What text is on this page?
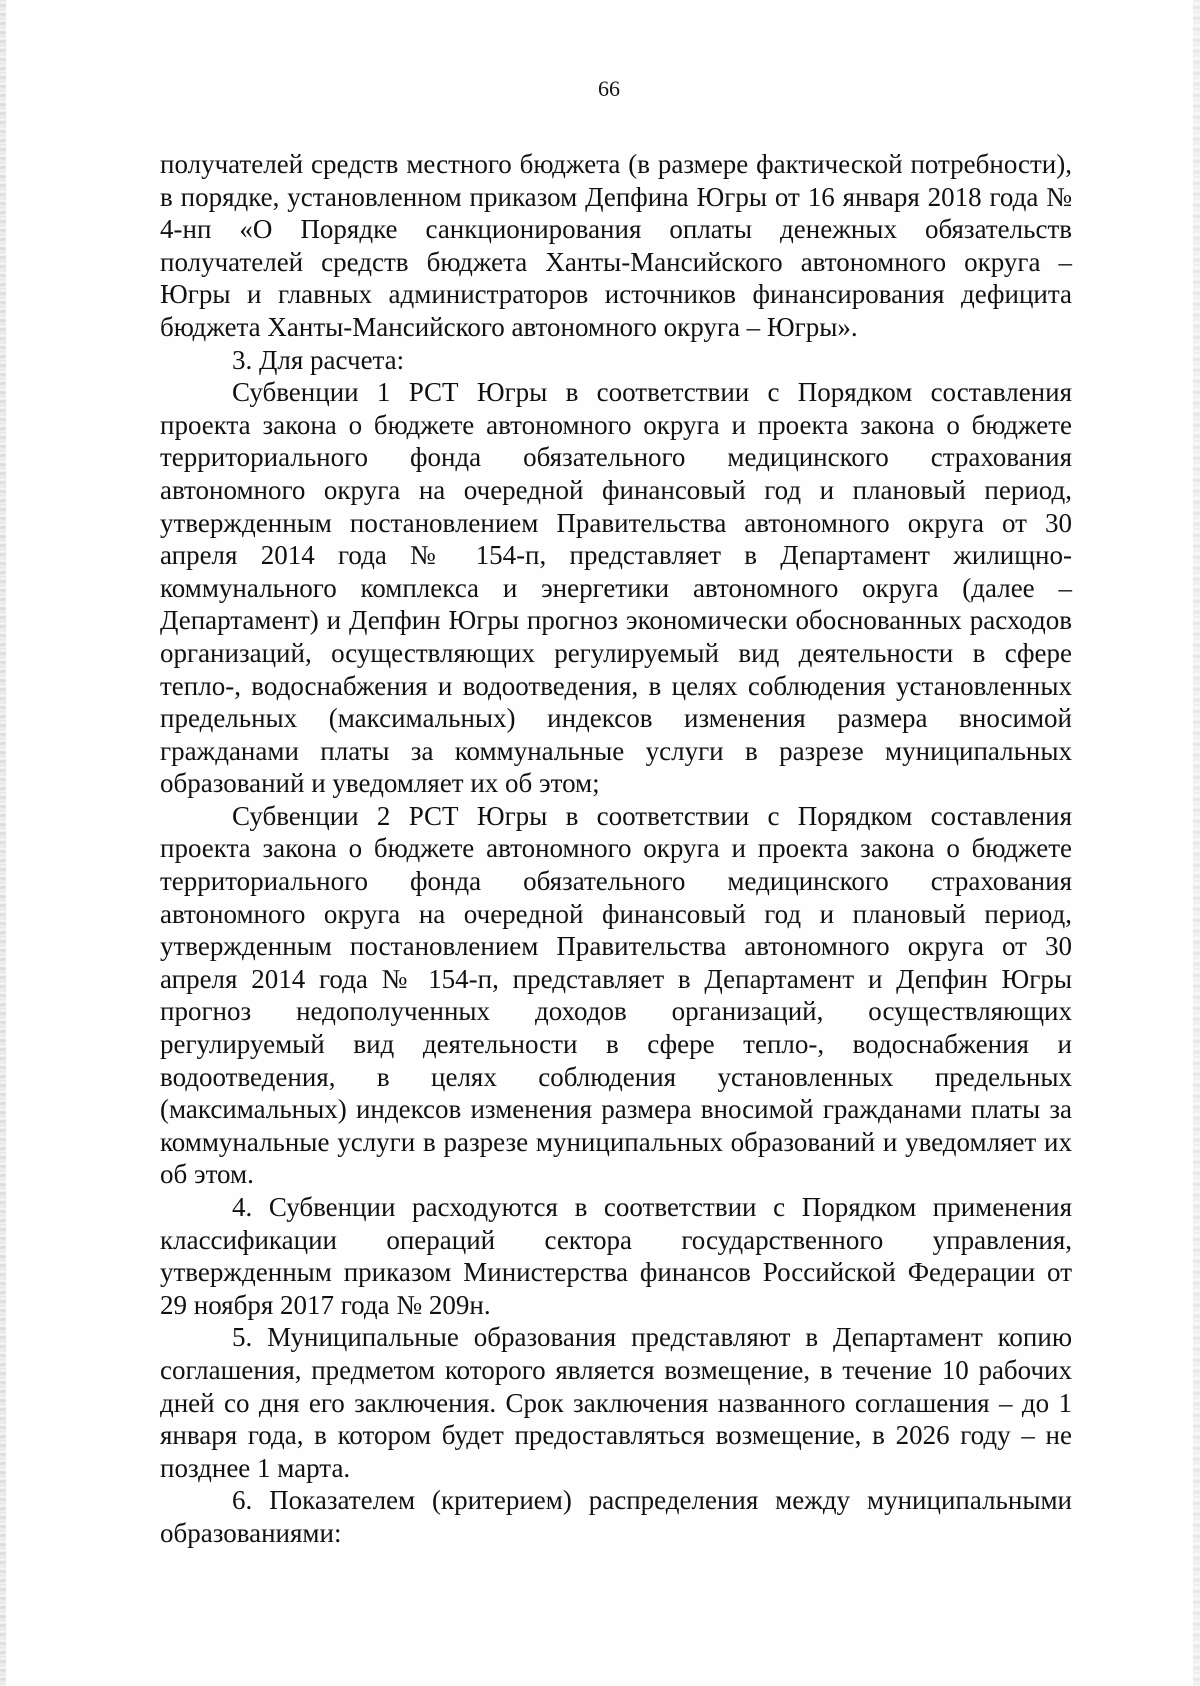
66

получателей средств местного бюджета (в размере фактической потребности), в порядке, установленном приказом Депфина Югры от 16 января 2018 года № 4-нп «О Порядке санкционирования оплаты денежных обязательств получателей средств бюджета Ханты-Мансийского автономного округа – Югры и главных администраторов источников финансирования дефицита бюджета Ханты-Мансийского автономного округа – Югры».

3. Для расчета:

Субвенции 1 РСТ Югры в соответствии с Порядком составления проекта закона о бюджете автономного округа и проекта закона о бюджете территориального фонда обязательного медицинского страхования автономного округа на очередной финансовый год и плановый период, утвержденным постановлением Правительства автономного округа от 30 апреля 2014 года № 154-п, представляет в Департамент жилищно-коммунального комплекса и энергетики автономного округа (далее – Департамент) и Депфин Югры прогноз экономически обоснованных расходов организаций, осуществляющих регулируемый вид деятельности в сфере тепло-, водоснабжения и водоотведения, в целях соблюдения установленных предельных (максимальных) индексов изменения размера вносимой гражданами платы за коммунальные услуги в разрезе муниципальных образований и уведомляет их об этом;

Субвенции 2 РСТ Югры в соответствии с Порядком составления проекта закона о бюджете автономного округа и проекта закона о бюджете территориального фонда обязательного медицинского страхования автономного округа на очередной финансовый год и плановый период, утвержденным постановлением Правительства автономного округа от 30 апреля 2014 года № 154-п, представляет в Департамент и Депфин Югры прогноз недополученных доходов организаций, осуществляющих регулируемый вид деятельности в сфере тепло-, водоснабжения и водоотведения, в целях соблюдения установленных предельных (максимальных) индексов изменения размера вносимой гражданами платы за коммунальные услуги в разрезе муниципальных образований и уведомляет их об этом.

4. Субвенции расходуются в соответствии с Порядком применения классификации операций сектора государственного управления, утвержденным приказом Министерства финансов Российской Федерации от 29 ноября 2017 года № 209н.

5. Муниципальные образования представляют в Департамент копию соглашения, предметом которого является возмещение, в течение 10 рабочих дней со дня его заключения. Срок заключения названного соглашения – до 1 января года, в котором будет предоставляться возмещение, в 2026 году – не позднее 1 марта.

6. Показателем (критерием) распределения между муниципальными образованиями:
